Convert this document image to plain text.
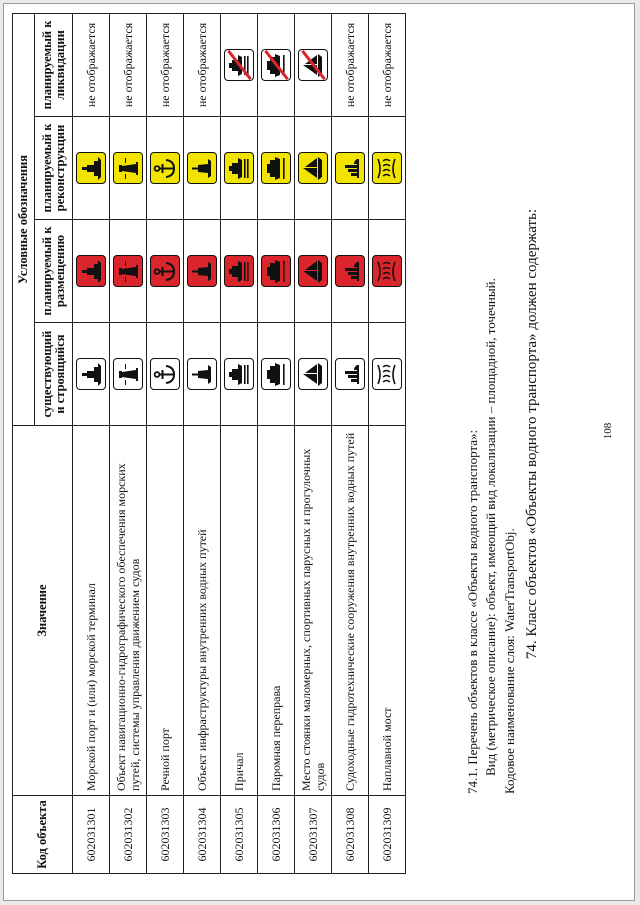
108
74. Класс объектов «Объекты водного транспорта» должен содержать:
Кодовое наименование слоя: WaterTransportObj.
Вид (метрическое описание): объект, имеющий вид локализации – площадной, точечный.
74.1. Перечень объектов в классе «Объекты водного транспорта»:
Код объекта	Значение	Условные обозначения			
		существующий и строящийся	планируемый к размещению	планируемый к реконструкции	планируемый к ликвидации
602031301	Морской порт и (или) морской терминал				не отображается
602031302	Объект навигационно-гидрографического обеспечения морских путей, системы управления движением судов				не отображается
602031303	Речной порт				не отображается
602031304	Объект инфраструктуры внутренних водных путей				не отображается
602031305	Причал	

602031306	Паромная переправа	

602031307	Место стоянки маломерных, спортивных парусных и прогулочных судов	

602031308	Судоходные гидротехнические сооружения внутренних водных путей				не отображается
602031309	Наплавной мост				не отображается
